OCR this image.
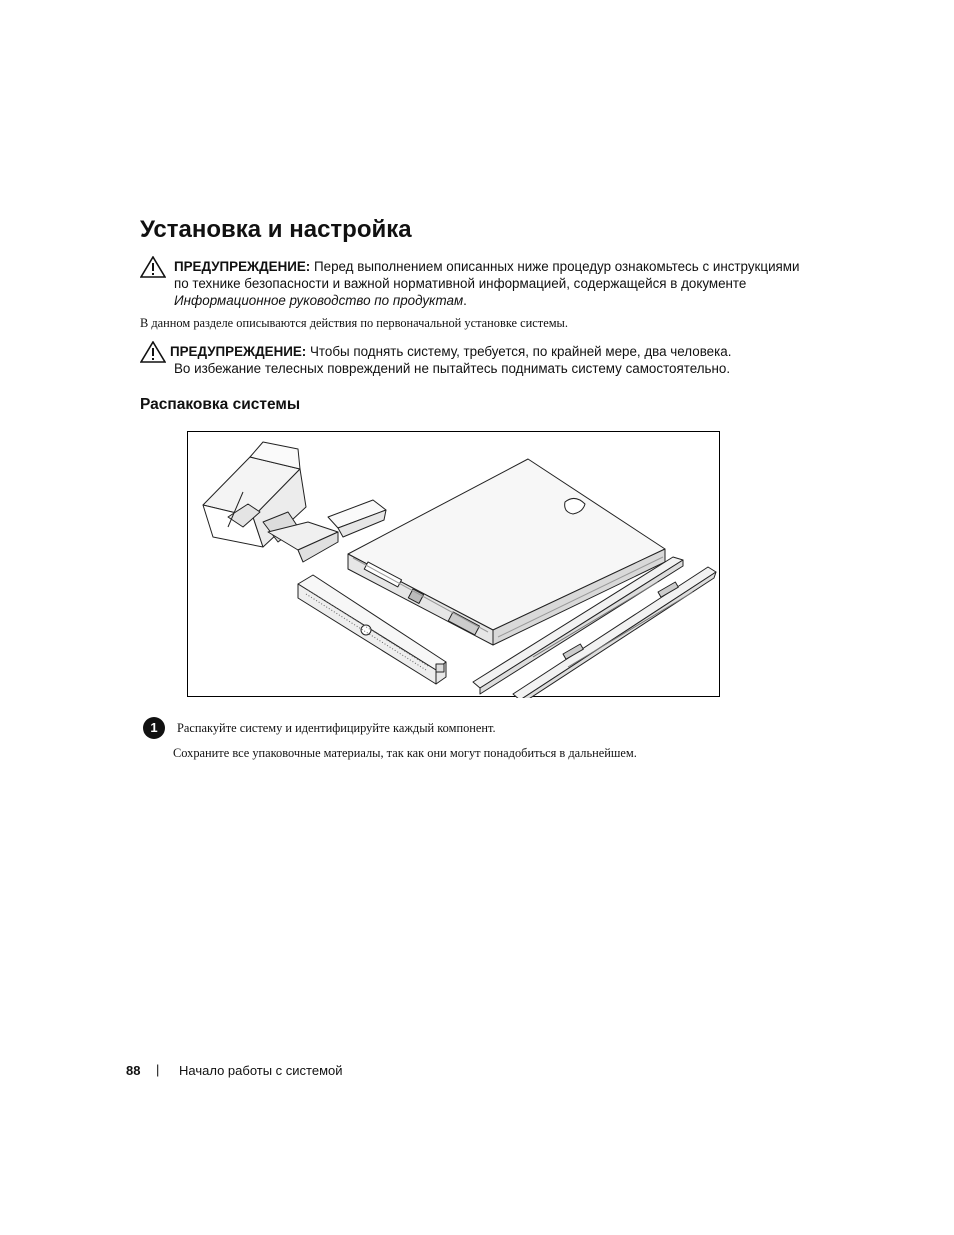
Установка и настройка
ПРЕДУПРЕЖДЕНИЕ: Перед выполнением описанных ниже процедур ознакомьтесь с инструкциями по технике безопасности и важной нормативной информацией, содержащейся в документе Информационное руководство по продуктам.
В данном разделе описываются действия по первоначальной установке системы.
ПРЕДУПРЕЖДЕНИЕ: Чтобы поднять систему, требуется, по крайней мере, два человека.
Во избежание телесных повреждений не пытайтесь поднимать систему самостоятельно.
Распаковка системы
1	Распакуйте систему и идентифицируйте каждый компонент.
Сохраните все упаковочные материалы, так как они могут понадобиться в дальнейшем.
88 | Начало работы с системой
